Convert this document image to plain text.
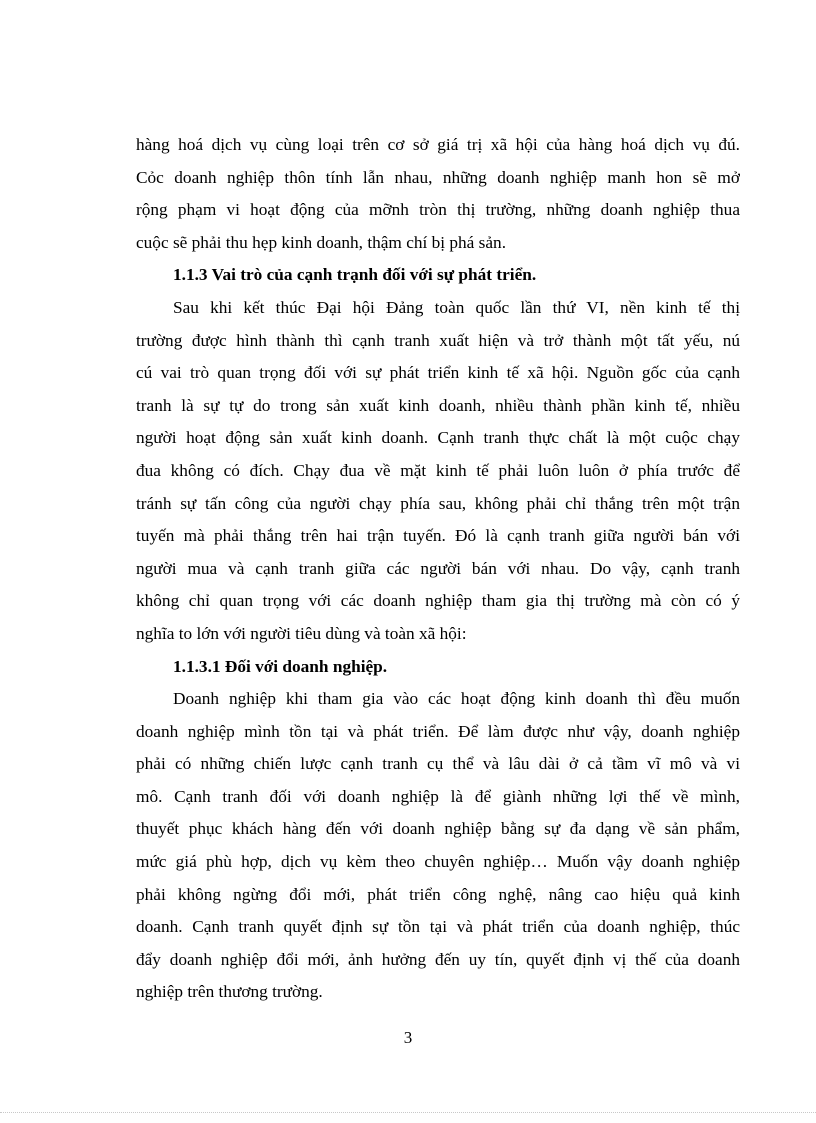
hàng hoá dịch vụ cùng loại trên cơ sở giá trị xã hội của hàng hoá dịch vụ đú.
Cỏc doanh nghiệp thôn tính lẫn nhau, những doanh nghiệp manh hon sẽ mở
rộng phạm vi hoạt động của mỡnh tròn thị trường, những doanh nghiệp thua
cuộc sẽ phải thu hẹp kinh doanh, thậm chí bị phá sản.
1.1.3 Vai trò của cạnh trạnh đối với sự phát triển.
Sau khi kết thúc Đại hội Đảng toàn quốc lần thứ VI, nền kinh tế thị
trường được hình thành thì cạnh tranh xuất hiện và trở thành một tất yếu, nú
cú vai trò quan trọng đối với sự phát triển kinh tế xã hội. Nguồn gốc của cạnh
tranh là sự tự do trong sản xuất kinh doanh, nhiều thành phần kinh tế, nhiều
người hoạt động sản xuất kinh doanh. Cạnh tranh thực chất là một cuộc chạy
đua không có đích. Chạy đua về mặt kinh tế phải luôn luôn ở phía trước để
tránh sự tấn công của người chạy phía sau, không phải chỉ thắng trên một trận
tuyến mà phải thắng trên hai trận tuyến. Đó là cạnh tranh giữa người bán với
người mua và cạnh tranh giữa các người bán với nhau. Do vậy, cạnh tranh
không chỉ quan trọng với các doanh nghiệp tham gia thị trường mà còn có ý
nghĩa to lớn với người tiêu dùng và toàn xã hội:
1.1.3.1 Đối với doanh nghiệp.
Doanh nghiệp khi tham gia vào các hoạt động kinh doanh thì đều muốn
doanh nghiệp mình tồn tại và phát triển. Để làm được như vậy, doanh nghiệp
phải có những chiến lược cạnh tranh cụ thể và lâu dài ở cả tầm vĩ mô và vi
mô. Cạnh tranh đối với doanh nghiệp là để giành những lợi thế về mình,
thuyết phục khách hàng đến với doanh nghiệp bằng sự đa dạng về sản phẩm,
mức giá phù hợp, dịch vụ kèm theo chuyên nghiệp… Muốn vậy doanh nghiệp
phải không ngừng đổi mới, phát triển công nghệ, nâng cao hiệu quả kinh
doanh. Cạnh tranh quyết định sự tồn tại và phát triển của doanh nghiệp, thúc
đẩy doanh nghiệp đổi mới, ảnh hưởng đến uy tín, quyết định vị thế của doanh
nghiệp trên thương trường.
3
